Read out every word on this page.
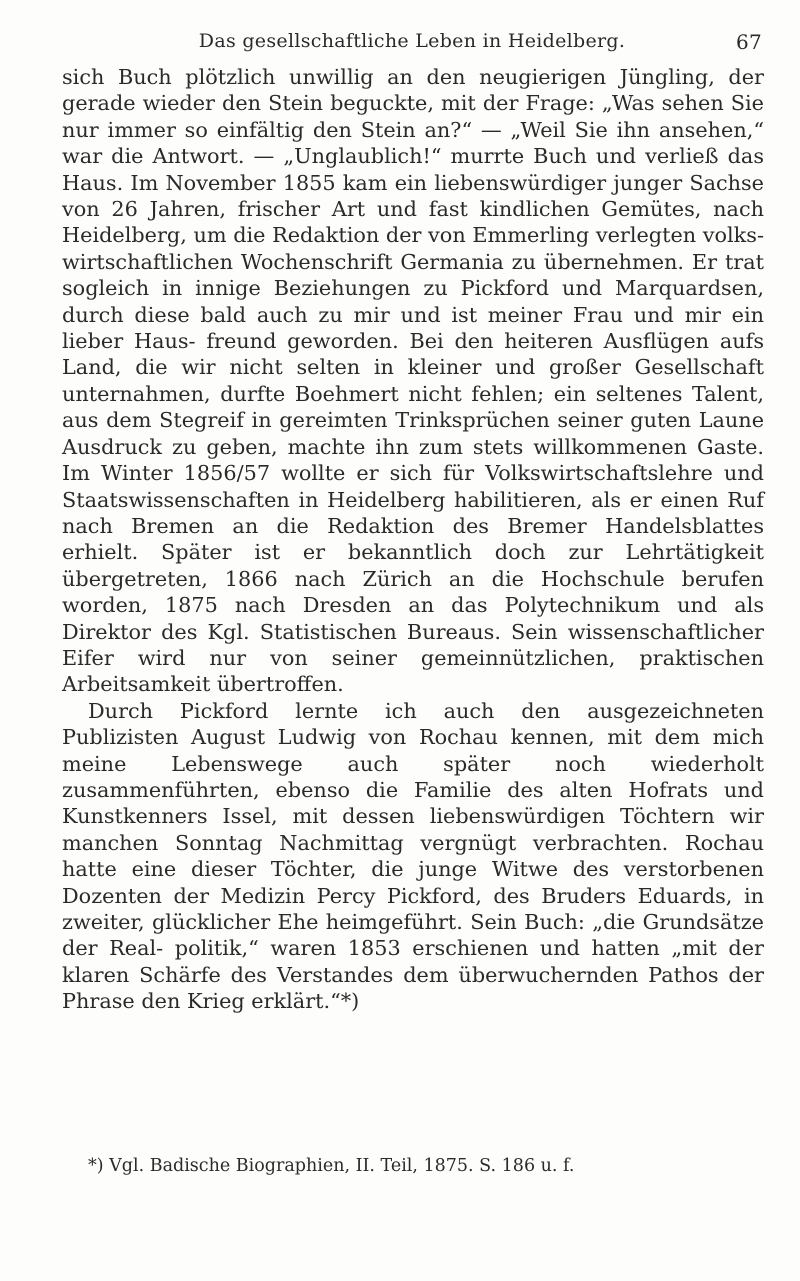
Das gesellschaftliche Leben in Heidelberg.	67

sich Buch plötzlich unwillig an den neugierigen Jüngling, der gerade wieder den Stein beguckte, mit der Frage: „Was sehen Sie nur immer so einfältig den Stein an?“ — „Weil Sie ihn ansehen,“ war die Antwort. — „Unglaublich!“ murrte Buch und verließ das Haus. Im November 1855 kam ein liebenswürdiger junger Sachse von 26 Jahren, frischer Art und fast kindlichen Gemütes, nach Heidelberg, um die Redaktion der von Emmerling verlegten volks- wirtschaftlichen Wochenschrift Germania zu übernehmen. Er trat sogleich in innige Beziehungen zu Pickford und Marquardsen, durch diese bald auch zu mir und ist meiner Frau und mir ein lieber Haus- freund geworden. Bei den heiteren Ausflügen aufs Land, die wir nicht selten in kleiner und großer Gesellschaft unternahmen, durfte Boehmert nicht fehlen; ein seltenes Talent, aus dem Stegreif in gereimten Trinksprüchen seiner guten Laune Ausdruck zu geben, machte ihn zum stets willkommenen Gaste. Im Winter 1856/57 wollte er sich für Volkswirtschaftslehre und Staatswissenschaften in Heidelberg habilitieren, als er einen Ruf nach Bremen an die Redaktion des Bremer Handelsblattes erhielt. Später ist er bekanntlich doch zur Lehrtätigkeit übergetreten, 1866 nach Zürich an die Hochschule berufen worden, 1875 nach Dresden an das Polytechnikum und als Direktor des Kgl. Statistischen Bureaus. Sein wissenschaftlicher Eifer wird nur von seiner gemeinnützlichen, praktischen Arbeitsamkeit übertroffen.

Durch Pickford lernte ich auch den ausgezeichneten Publizisten August Ludwig von Rochau kennen, mit dem mich meine Lebenswege auch später noch wiederholt zusammenführten, ebenso die Familie des alten Hofrats und Kunstkenners Issel, mit dessen liebenswürdigen Töchtern wir manchen Sonntag Nachmittag vergnügt verbrachten. Rochau hatte eine dieser Töchter, die junge Witwe des verstorbenen Dozenten der Medizin Percy Pickford, des Bruders Eduards, in zweiter, glücklicher Ehe heimgeführt. Sein Buch: „die Grundsätze der Real- politik,“ waren 1853 erschienen und hatten „mit der klaren Schärfe des Verstandes dem überwuchernden Pathos der Phrase den Krieg erklärt.“*)

*) Vgl. Badische Biographien, II. Teil, 1875. S. 186 u. f.
